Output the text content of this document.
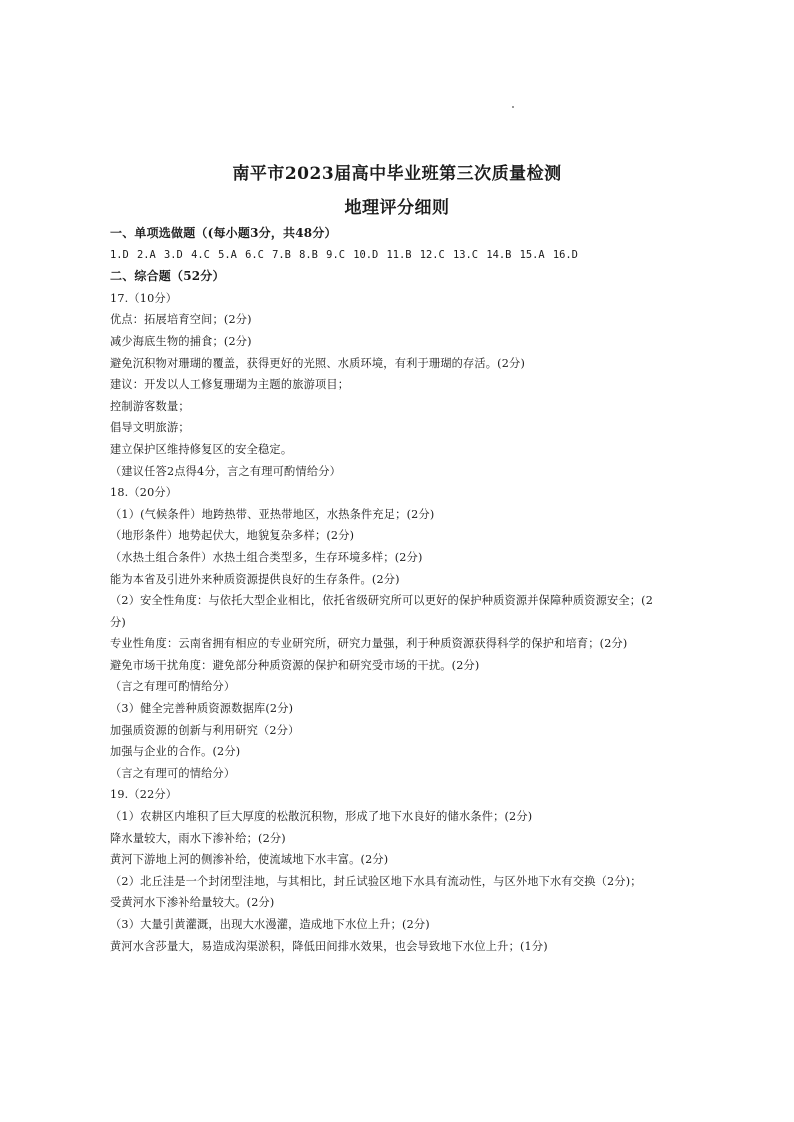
南平市2023届高中毕业班第三次质量检测
地理评分细则
一、单项选做题（(每小题3分，共48分）
1.D 2.A 3.D 4.C 5.A 6.C 7.B 8.B 9.C 10.D 11.B 12.C 13.C 14.B 15.A 16.D
二、综合题（52分）
17.（10分）
优点：拓展培育空间；(2分)
减少海底生物的捕食；(2分)
避免沉积物对珊瑚的覆盖，获得更好的光照、水质环境，有利于珊瑚的存活。(2分)
建议：开发以人工修复珊瑚为主题的旅游项目；
控制游客数量；
倡导文明旅游；
建立保护区维持修复区的安全稳定。
（建议任答2点得4分，言之有理可酌情给分）
18.（20分）
（1）(气候条件）地跨热带、亚热带地区，水热条件充足；(2分)
（地形条件）地势起伏大，地貌复杂多样；(2分)
（水热土组合条件）水热土组合类型多，生存环境多样；(2分)
能为本省及引进外来种质资源提供良好的生存条件。(2分)
（2）安全性角度：与依托大型企业相比，依托省级研究所可以更好的保护种质资源并保障种质资源安全；(2
分)
专业性角度：云南省拥有相应的专业研究所，研究力量强，利于种质资源获得科学的保护和培育；(2分)
避免市场干扰角度：避免部分种质资源的保护和研究受市场的干扰。(2分)
（言之有理可酌情给分）
（3）健全完善种质资源数据库(2分)
加强质资源的创新与利用研究（2分）
加强与企业的合作。(2分)
（言之有理可的情给分）
19.（22分）
（1）农耕区内堆积了巨大厚度的松散沉积物，形成了地下水良好的储水条件；(2分)
降水量较大，雨水下渗补给；(2分)
黄河下游地上河的侧渗补给，使流域地下水丰富。(2分)
（2）北丘洼是一个封闭型洼地，与其相比，封丘试验区地下水具有流动性，与区外地下水有交换（2分)；
受黄河水下渗补给量较大。(2分)
（3）大量引黄灌溉，出现大水漫灌，造成地下水位上升；(2分)
黄河水含莎量大，易造成沟渠淤积，降低田间排水效果，也会导致地下水位上升；(1分)
